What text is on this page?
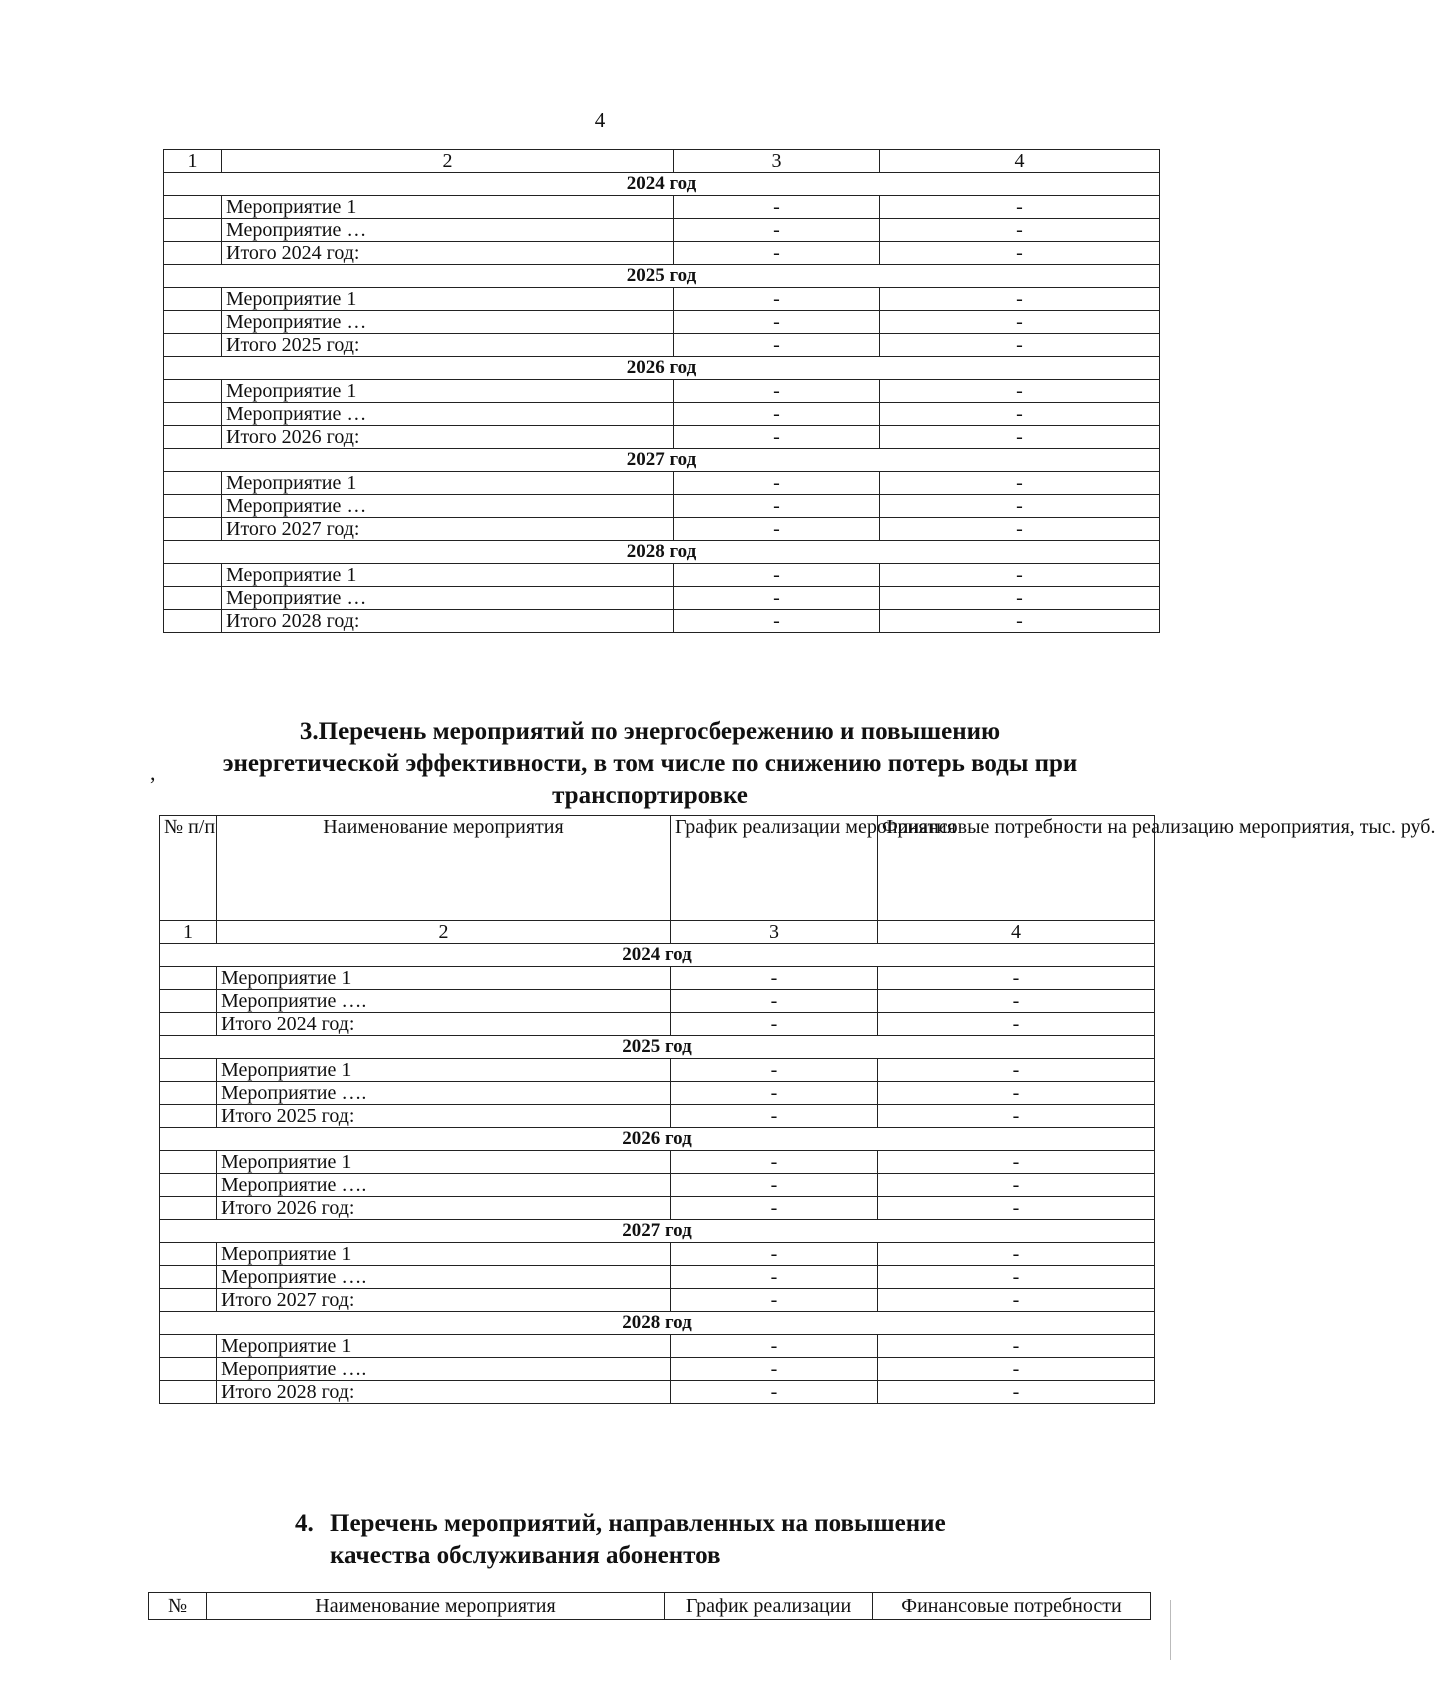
4
1	2	3	4
2024 год			
	Мероприятие 1	-	-
	Мероприятие …	-	-
	Итого 2024 год:	-	-
2025 год			
	Мероприятие 1	-	-
	Мероприятие …	-	-
	Итого 2025 год:	-	-
2026 год			
	Мероприятие 1	-	-
	Мероприятие …	-	-
	Итого 2026 год:	-	-
2027 год			
	Мероприятие 1	-	-
	Мероприятие …	-	-
	Итого 2027 год:	-	-
2028 год			
	Мероприятие 1	-	-
	Мероприятие …	-	-
	Итого 2028 год:	-	-
3.Перечень мероприятий по энергосбережению и повышению
энергетической эффективности, в том числе по снижению потерь воды при
транспортировке
,
№ п/п	Наименование мероприятия	График реализации мероприятия	Финансовые потребности на реализацию мероприятия, тыс. руб.
1	2	3	4
2024 год			
	Мероприятие 1	-	-
	Мероприятие ….	-	-
	Итого 2024 год:	-	-
2025 год			
	Мероприятие 1	-	-
	Мероприятие ….	-	-
	Итого 2025 год:	-	-
2026 год			
	Мероприятие 1	-	-
	Мероприятие ….	-	-
	Итого 2026 год:	-	-
2027 год			
	Мероприятие 1	-	-
	Мероприятие ….	-	-
	Итого 2027 год:	-	-
2028 год			
	Мероприятие 1	-	-
	Мероприятие ….	-	-
	Итого 2028 год:	-	-
4. Перечень мероприятий, направленных на повышение
качества обслуживания абонентов
№	Наименование мероприятия	График реализации	Финансовые потребности
